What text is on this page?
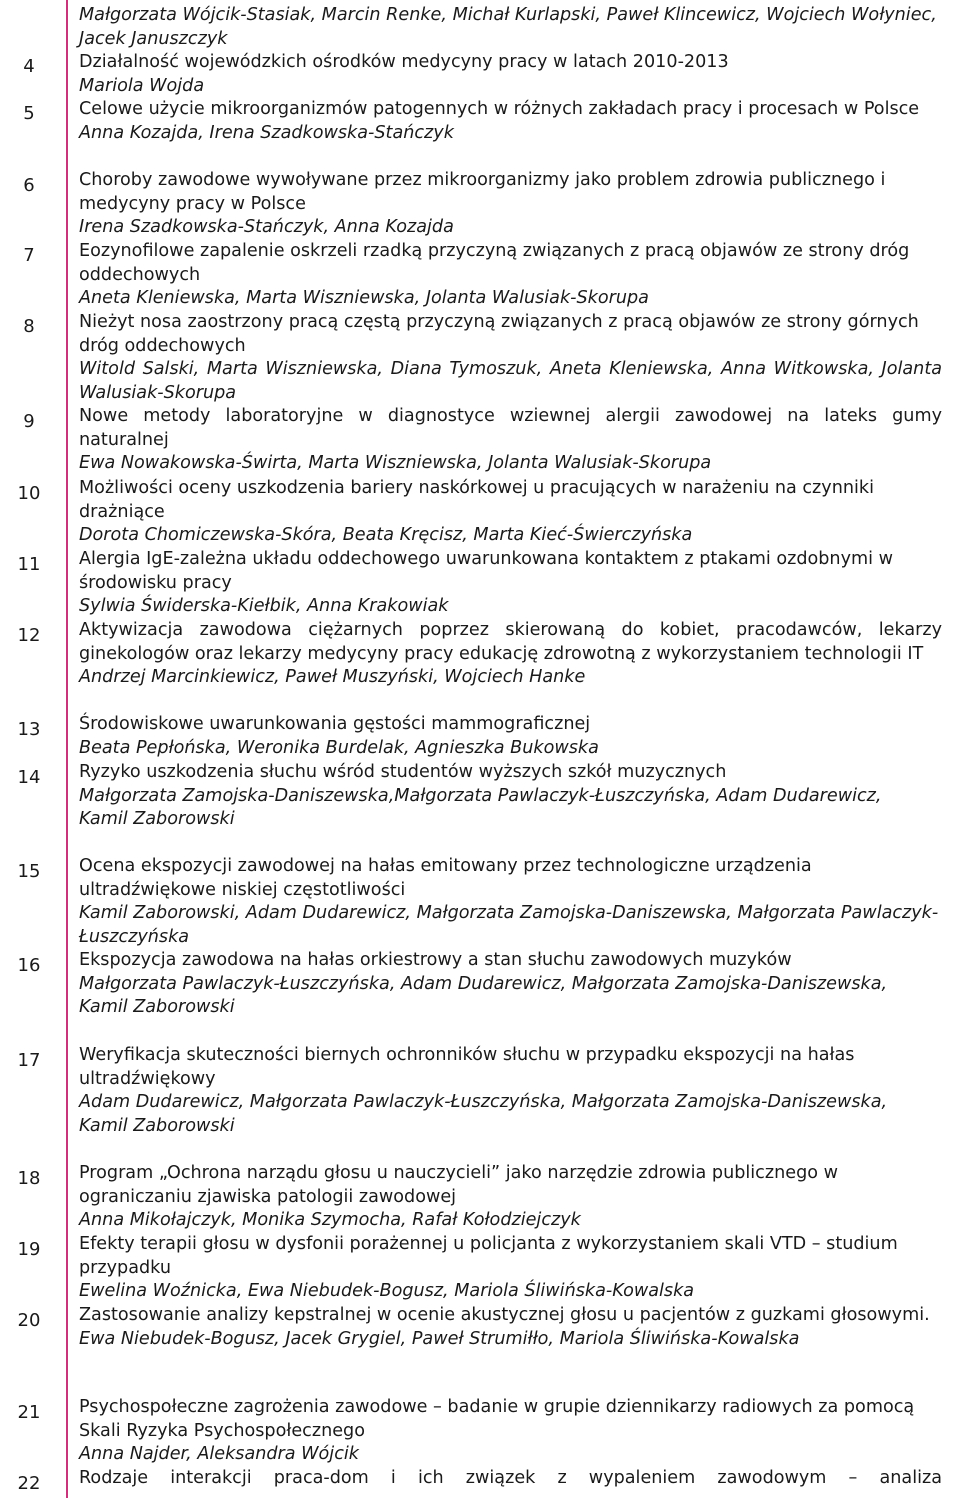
Małgorzata Wójcik-Stasiak, Marcin Renke, Michał Kurlapski, Paweł Klincewicz, Wojciech Wołyniec, Jacek Januszczyk

4	Działalność wojewódzkich ośrodków medycyny pracy w latach 2010-2013

Mariola Wojda

5	Celowe użycie mikroorganizmów patogennych w różnych zakładach pracy i procesach w Polsce

Anna Kozajda, Irena Szadkowska-Stańczyk

6	Choroby zawodowe wywoływane przez mikroorganizmy jako problem zdrowia publicznego i medycyny pracy w Polsce

Irena Szadkowska-Stańczyk, Anna Kozajda

7	Eozynofilowe zapalenie oskrzeli rzadką przyczyną związanych z pracą objawów ze strony dróg oddechowych

Aneta Kleniewska, Marta Wiszniewska, Jolanta Walusiak-Skorupa

8	Nieżyt nosa zaostrzony pracą częstą przyczyną związanych z pracą objawów ze strony górnych dróg oddechowych

Witold Salski, Marta Wiszniewska, Diana Tymoszuk, Aneta Kleniewska, Anna Witkowska, Jolanta Walusiak-Skorupa

9	Nowe metody laboratoryjne w diagnostyce wziewnej alergii zawodowej na lateks gumy naturalnej

Ewa Nowakowska-Świrta, Marta Wiszniewska, Jolanta Walusiak-Skorupa

10	Możliwości oceny uszkodzenia bariery naskórkowej u pracujących w narażeniu na czynniki drażniące

Dorota Chomiczewska-Skóra, Beata Kręcisz, Marta Kieć-Świerczyńska

11	Alergia IgE-zależna układu oddechowego uwarunkowana kontaktem z ptakami ozdobnymi w środowisku pracy

Sylwia Świderska-Kiełbik, Anna Krakowiak

12	Aktywizacja zawodowa ciężarnych poprzez skierowaną do kobiet, pracodawców, lekarzy ginekologów oraz lekarzy medycyny pracy edukację zdrowotną z wykorzystaniem technologii IT

Andrzej Marcinkiewicz, Paweł Muszyński, Wojciech Hanke

13	Środowiskowe uwarunkowania gęstości mammograficznej

Beata Pepłońska, Weronika Burdelak, Agnieszka Bukowska

14	Ryzyko uszkodzenia słuchu wśród studentów wyższych szkół muzycznych

Małgorzata Zamojska-Daniszewska,Małgorzata Pawlaczyk-Łuszczyńska, Adam Dudarewicz,
Kamil Zaborowski

15	Ocena ekspozycji zawodowej na hałas emitowany przez technologiczne urządzenia ultradźwiękowe niskiej częstotliwości

Kamil Zaborowski, Adam Dudarewicz, Małgorzata Zamojska-Daniszewska, Małgorzata Pawlaczyk-Łuszczyńska

16	Ekspozycja zawodowa na hałas orkiestrowy a stan słuchu zawodowych muzyków

Małgorzata Pawlaczyk-Łuszczyńska, Adam Dudarewicz, Małgorzata Zamojska-Daniszewska,
Kamil Zaborowski

17	Weryfikacja skuteczności biernych ochronników słuchu w przypadku ekspozycji na hałas ultradźwiękowy

Adam Dudarewicz, Małgorzata Pawlaczyk-Łuszczyńska, Małgorzata Zamojska-Daniszewska,
Kamil Zaborowski

18	Program „Ochrona narządu głosu u nauczycieli” jako narzędzie zdrowia publicznego w ograniczaniu zjawiska patologii zawodowej

Anna Mikołajczyk, Monika Szymocha, Rafał Kołodziejczyk

19	Efekty terapii głosu w dysfonii porażennej u policjanta z wykorzystaniem skali VTD – studium przypadku

Ewelina Woźnicka, Ewa Niebudek-Bogusz, Mariola Śliwińska-Kowalska

20	Zastosowanie analizy kepstralnej w ocenie akustycznej głosu u pacjentów z guzkami głosowymi.

Ewa Niebudek-Bogusz, Jacek Grygiel, Paweł Strumiłło, Mariola Śliwińska-Kowalska

21	Psychospołeczne zagrożenia zawodowe – badanie w grupie dziennikarzy radiowych za pomocą Skali Ryzyka Psychospołecznego

Anna Najder, Aleksandra Wójcik

22	Rodzaje interakcji praca-dom i ich związek z wypaleniem zawodowym – analiza
